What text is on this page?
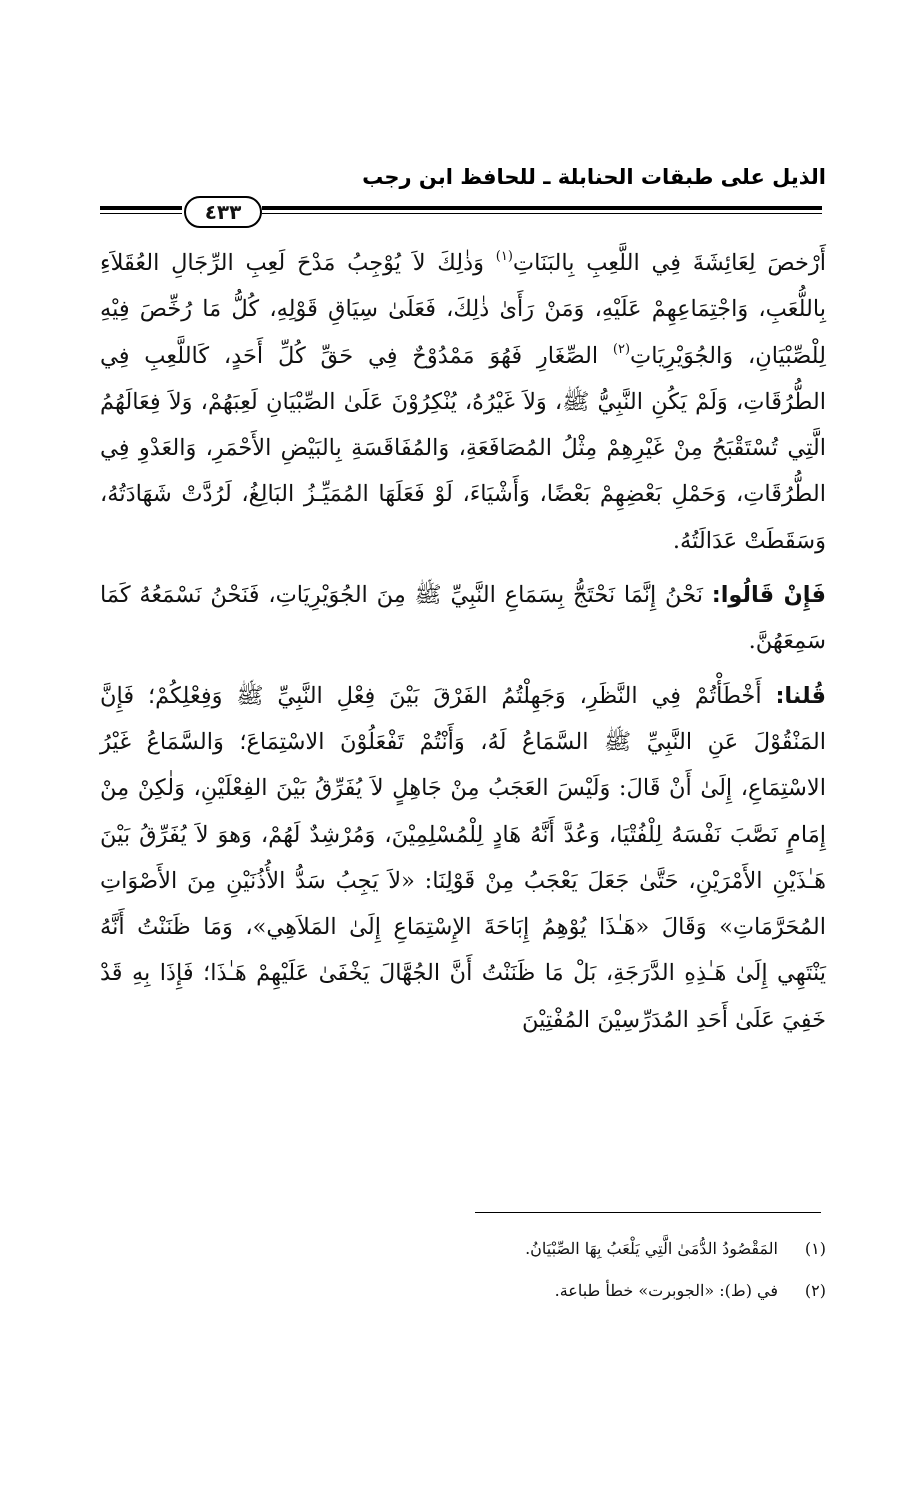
الذيل على طبقات الحنابلة ـ للحافظ ابن رجب
٤٣٣

أَرْخصَ لِعَائِشَةَ فِي اللَّعِبِ بِالبَنَاتِ$^{(١)}$ وَذٰلِكَ لاَ يُوْجِبُ مَدْحَ لَعِبِ الرِّجَالِ العُقَلاَءِ بِاللُّعَبِ، وَاجْتِمَاعِهِمْ عَلَيْهِ، وَمَنْ رَأَىٰ ذٰلِكَ، فَعَلَىٰ سِيَاقِ قَوْلِهِ، كُلُّ مَا رُخِّصَ فِيْهِ لِلْصِّبْيَانِ، وَالجُوَيْرِيَاتِ$^{(٢)}$ الصِّغَارِ فَهُوَ مَمْدُوْحٌ فِي حَقِّ كُلِّ أَحَدٍ، كَاللَّعِبِ فِي الطُّرُقَاتِ، وَلَمْ يَكُنِ النَّبِيُّ ﷺ، وَلاَ غَيْرُهُ، يُنْكِرُوْنَ عَلَىٰ الصِّبْيَانِ لَعِبَهُمْ، وَلاَ فِعَالَهُمُ الَّتِي تُسْتَقْبَحُ مِنْ غَيْرِهِمْ مِثْلُ المُصَافَعَةِ، وَالمُفَاقَسَةِ بِالبَيْضِ الأَحْمَرِ، وَالعَدْوِ فِي الطُّرُقَاتِ، وَحَمْلِ بَعْضِهِمْ بَعْضًا، وَأَشْيَاءَ، لَوْ فَعَلَهَا المُمَيِّـزُ البَالِغُ، لَرُدَّتْ شَهَادَتُهُ، وَسَقَطَتْ عَدَالَتُهُ.

فَإِنْ قَالُوا: نَحْنُ إِنَّمَا نَحْتَجُّ بِسَمَاعِ النَّبِيِّ ﷺ مِنَ الجُوَيْرِيَاتِ، فَنَحْنُ نَسْمَعُهُ كَمَا سَمِعَهُنَّ.

قُلنا: أَخْطَأْتُمْ فِي النَّظَرِ، وَجَهِلْتُمُ الفَرْقَ بَيْنَ فِعْلِ النَّبِيِّ ﷺ وَفِعْلِكُمْ؛ فَإِنَّ المَنْقُوْلَ عَنِ النَّبِيِّ ﷺ السَّمَاعُ لَهُ، وَأَنْتُمْ تَفْعَلُوْنَ الاسْتِمَاعَ؛ وَالسَّمَاعُ غَيْرُ الاسْتِمَاعِ، إِلَىٰ أَنْ قَالَ: وَلَيْسَ العَجَبُ مِنْ جَاهِلٍ لاَ يُفَرِّقُ بَيْنَ الفِعْلَيْنِ، وَلٰكِنْ مِنْ إِمَامٍ نَصَّبَ نَفْسَهُ لِلْفُتْيَا، وَعُدَّ أَنَّهُ هَادٍ لِلْمُسْلِمِيْنَ، وَمُرْشِدٌ لَهُمْ، وَهوَ لاَ يُفَرِّقُ بَيْنَ هَـٰذَيْنِ الأَمْرَيْنِ، حَتَّىٰ جَعَلَ يَعْجَبُ مِنْ قَوْلِنَا: «لاَ يَجِبُ سَدُّ الأُذُنَيْنِ مِنَ الأَصْوَاتِ المُحَرَّمَاتِ» وَقَالَ «هَـٰذَا يُوْهِمُ إِبَاحَةَ الإِسْتِمَاعِ إِلَىٰ المَلاَهِي»، وَمَا ظَنَنْتُ أَنَّهُ يَنْتَهِي إِلَىٰ هَـٰذِهِ الدَّرَجَةِ، بَلْ مَا ظَنَنْتُ أَنَّ الجُهَّالَ يَخْفَىٰ عَلَيْهِمْ هَـٰذَا؛ فَإِذَا بِهِ قَدْ خَفِيَ عَلَىٰ أَحَدِ المُدَرِّسِيْنَ المُفْتِيْنَ

(١)المَقْصُودُ الدُّمَىٰ الَّتِي يَلْعَبُ بِهَا الصِّبْيَانُ.
(٢)في (ط): «الجوبرت» خطأ طباعة.
